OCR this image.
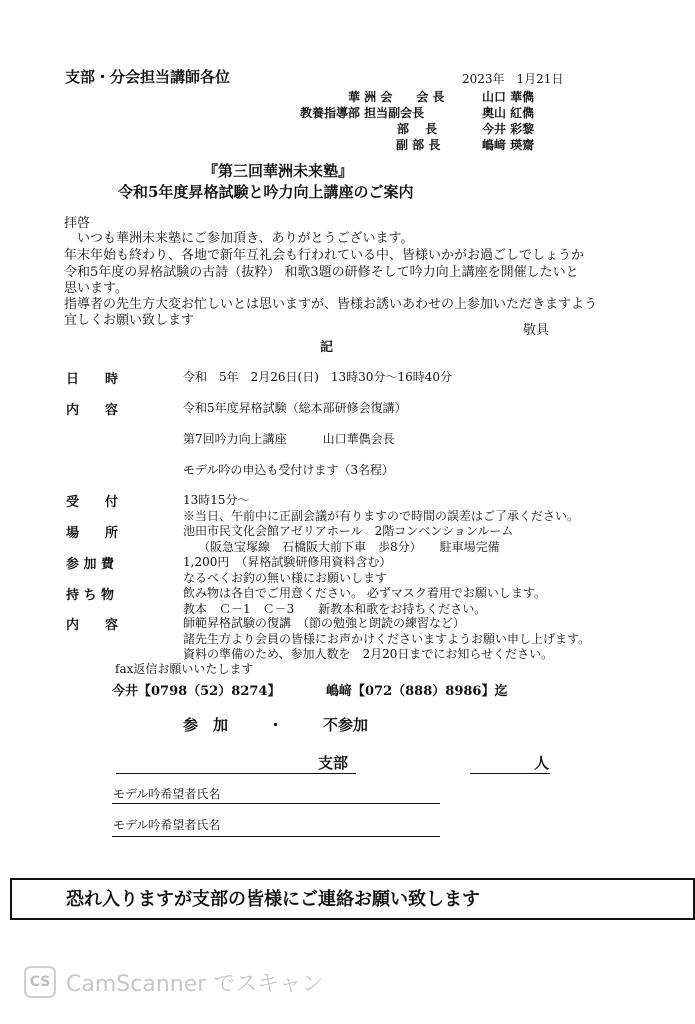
支部・分会担当講師各位	2023年　1月21日
華 洲 会　　会 長	山口 華儁
教養指導部 担当副会長	奥山 紅儁
部　 長	今井 彩黎
副 部 長	嶋﨑 瑛齋
『第三回華洲未来塾』
令和5年度昇格試験と吟力向上講座のご案内
拝啓
　いつも華洲未来塾にご参加頂き、ありがとうございます。
年末年始も終わり、各地で新年互礼会も行われている中、皆様いかがお過ごしでしょうか
令和5年度の昇格試験の古詩（抜粋） 和歌3題の研修そして吟力向上講座を開催したいと
思います。
指導者の先生方大変お忙しいとは思いますが、皆様お誘いあわせの上参加いただきますよう
宜しくお願い致します
敬具
記
日　　時	令和　5年　2月26日(日)　13時30分～16時40分
内　　容	令和5年度昇格試験（総本部研修会復講）
第7回吟力向上講座　　　山口華儁会長
モデル吟の申込も受付けます（3名程）
受　　付	13時15分～
※当日、午前中に正副会議が有りますので時間の誤差はご了承ください。
場　　所	池田市民文化会館アゼリアホール　2階コンベンションルーム
（阪急宝塚線　石橋阪大前下車　歩8分）　　駐車場完備
参 加 費	1,200円　（昇格試験研修用資料含む）
なるべくお釣の無い様にお願いします
持 ち 物	飲み物は各自でご用意ください。 必ずマスク着用でお願いします。
教本　Ｃ－1　Ｃ－3　　新教本和歌をお持ちください。
内　　容	師範昇格試験の復講　（節の勉強と朗読の練習など）
諸先生方より会員の皆様にお声かけくださいますようお願い申し上げます。
資料の準備のため、参加人数を　2月20日までにお知らせください。
fax返信お願いいたします
今井【0798（52）8274】	嶋﨑【072（888）8986】迄
参　加	・	不参加
支部	人
モデル吟希望者氏名
モデル吟希望者氏名
恐れ入りますが支部の皆様にご連絡お願い致します
CS CamScanner でスキャン
